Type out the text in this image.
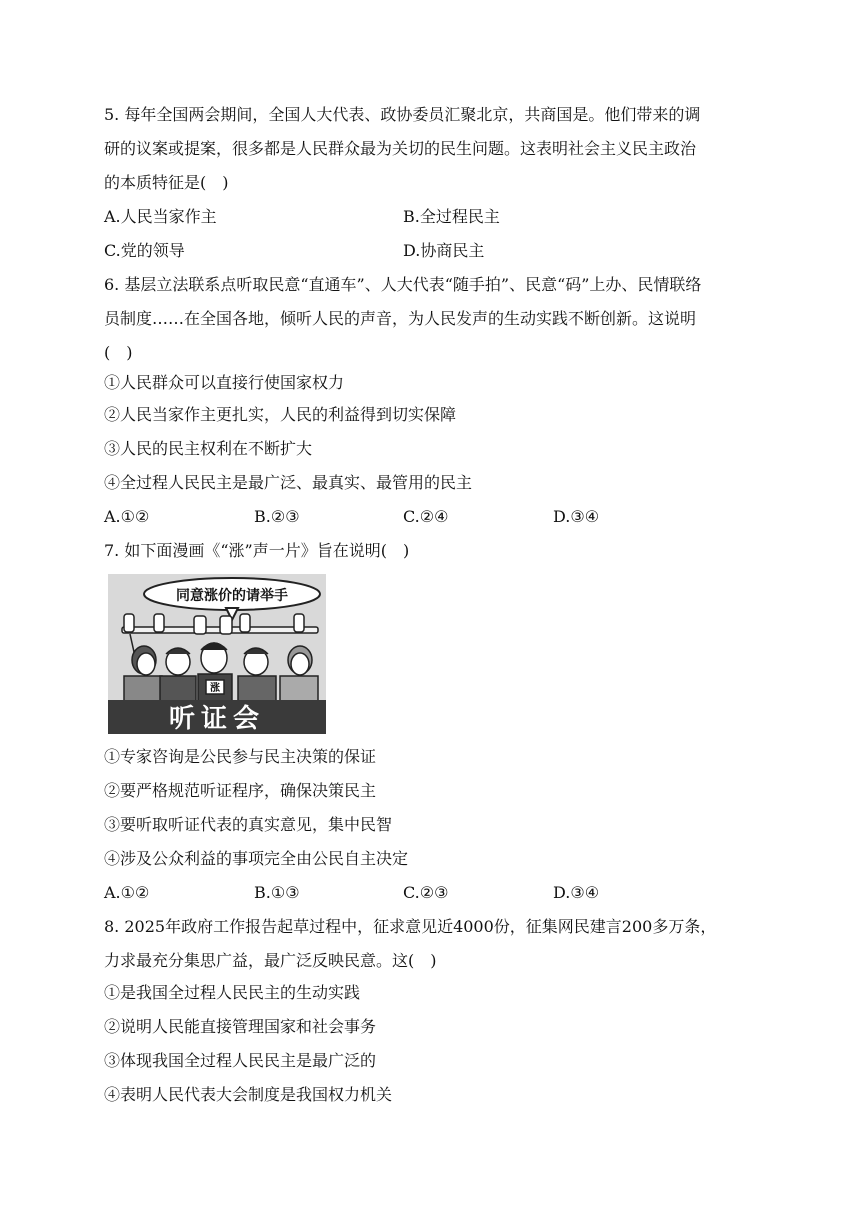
5. 每年全国两会期间，全国人大代表、政协委员汇聚北京，共商国是。他们带来的调
研的议案或提案，很多都是人民群众最为关切的民生问题。这表明社会主义民主政治
的本质特征是(　)
A.人民当家作主	B.全过程民主
C.党的领导	D.协商民主
6. 基层立法联系点听取民意“直通车”、人大代表“随手拍”、民意“码”上办、民情联络
员制度……在全国各地，倾听人民的声音，为人民发声的生动实践不断创新。这说明
(　)
①人民群众可以直接行使国家权力
②人民当家作主更扎实，人民的利益得到切实保障
③人民的民主权利在不断扩大
④全过程人民民主是最广泛、最真实、最管用的民主
A.①②	B.②③	C.②④	D.③④
7. 如下面漫画《“涨”声一片》旨在说明(　)
同意涨价的请举手
涨
听证会
①专家咨询是公民参与民主决策的保证
②要严格规范听证程序，确保决策民主
③要听取听证代表的真实意见，集中民智
④涉及公众利益的事项完全由公民自主决定
A.①②	B.①③	C.②③	D.③④
8. 2025年政府工作报告起草过程中，征求意见近4000份，征集网民建言200多万条，
力求最充分集思广益，最广泛反映民意。这(　)
①是我国全过程人民民主的生动实践
②说明人民能直接管理国家和社会事务
③体现我国全过程人民民主是最广泛的
④表明人民代表大会制度是我国权力机关
